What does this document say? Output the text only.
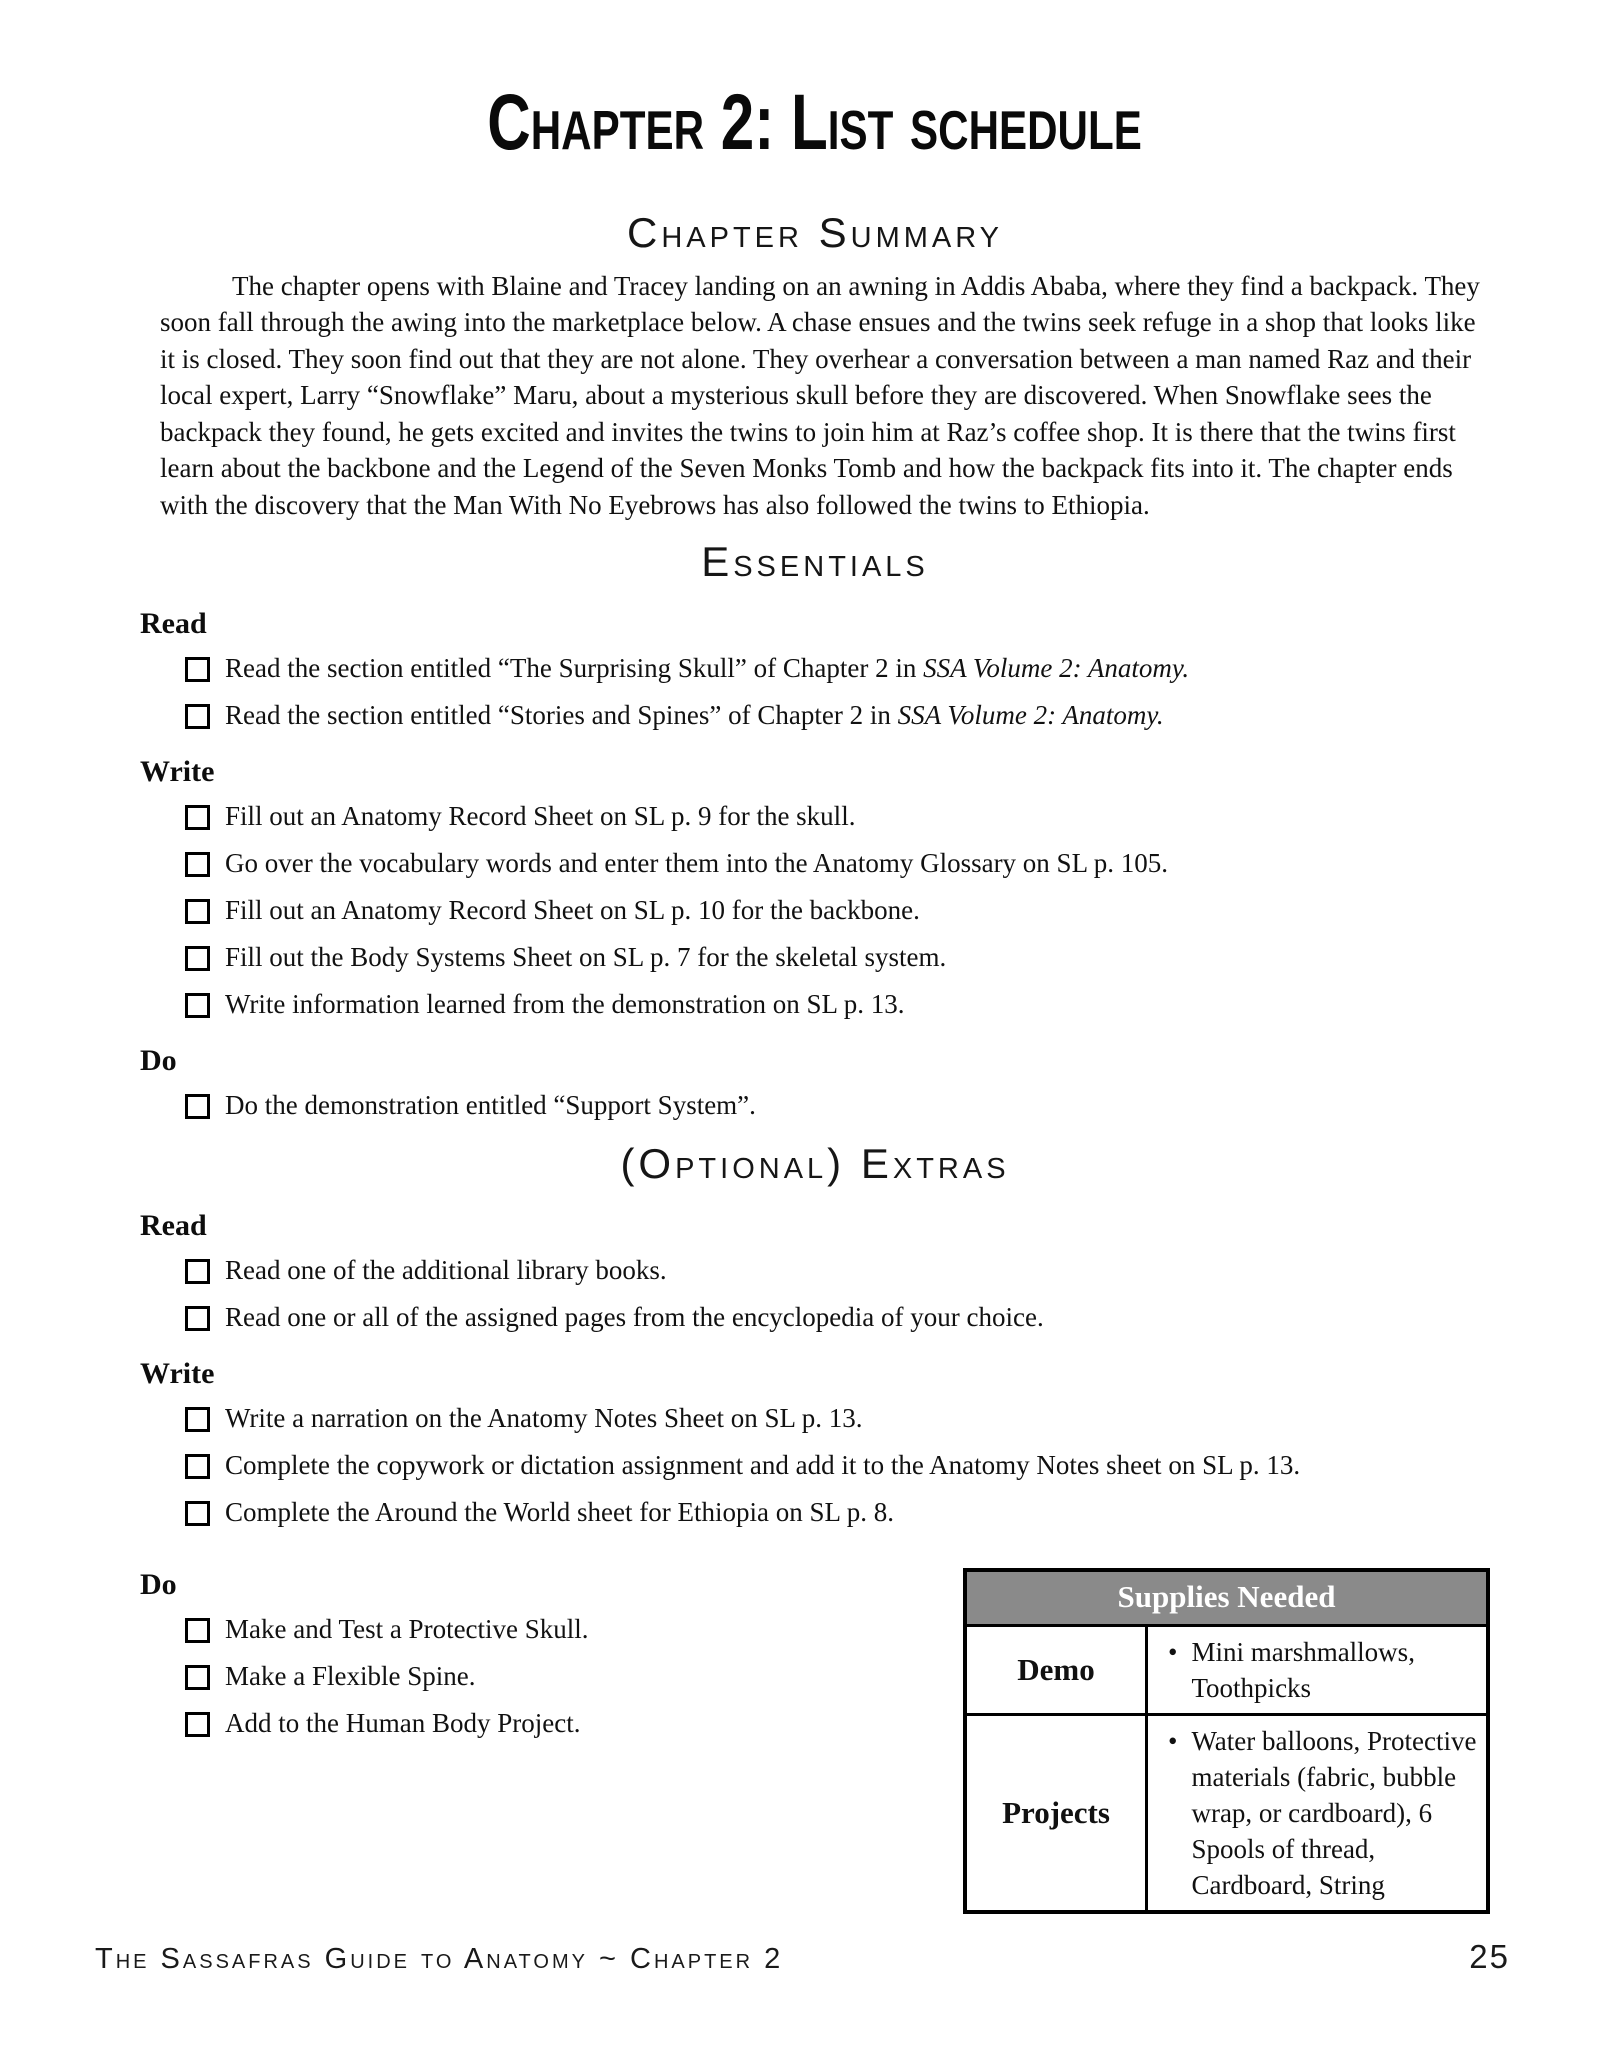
Chapter 2: List schedule
Chapter Summary

The chapter opens with Blaine and Tracey landing on an awning in Addis Ababa, where they find a backpack. They soon fall through the awing into the marketplace below. A chase ensues and the twins seek refuge in a shop that looks like it is closed. They soon find out that they are not alone. They overhear a conversation between a man named Raz and their local expert, Larry “Snowflake” Maru, about a mysterious skull before they are discovered. When Snowflake sees the backpack they found, he gets excited and invites the twins to join him at Raz’s coffee shop. It is there that the twins first learn about the backbone and the Legend of the Seven Monks Tomb and how the backpack fits into it. The chapter ends with the discovery that the Man With No Eyebrows has also followed the twins to Ethiopia.

Essentials
Read
Read the section entitled “The Surprising Skull” of Chapter 2 in SSA Volume 2: Anatomy.
Read the section entitled “Stories and Spines” of Chapter 2 in SSA Volume 2: Anatomy.
Write
Fill out an Anatomy Record Sheet on SL p. 9 for the skull.
Go over the vocabulary words and enter them into the Anatomy Glossary on SL p. 105.
Fill out an Anatomy Record Sheet on SL p. 10 for the backbone.
Fill out the Body Systems Sheet on SL p. 7 for the skeletal system.
Write information learned from the demonstration on SL p. 13.
Do
Do the demonstration entitled “Support System”.
(Optional) Extras
Read
Read one of the additional library books.
Read one or all of the assigned pages from the encyclopedia of your choice.
Write
Write a narration on the Anatomy Notes Sheet on SL p. 13.
Complete the copywork or dictation assignment and add it to the Anatomy Notes sheet on SL p. 13.
Complete the Around the World sheet for Ethiopia on SL p. 8.
Do
Make and Test a Protective Skull.
Make a Flexible Spine.
Add to the Human Body Project.
Supplies Needed	
Demo	• Mini marshmallows, Toothpicks

Projects	• Water balloons, Protective materials (fabric, bubble wrap, or cardboard), 6 Spools of thread, Cardboard, String
The Sassafras Guide to Anatomy ~ Chapter 2	25
